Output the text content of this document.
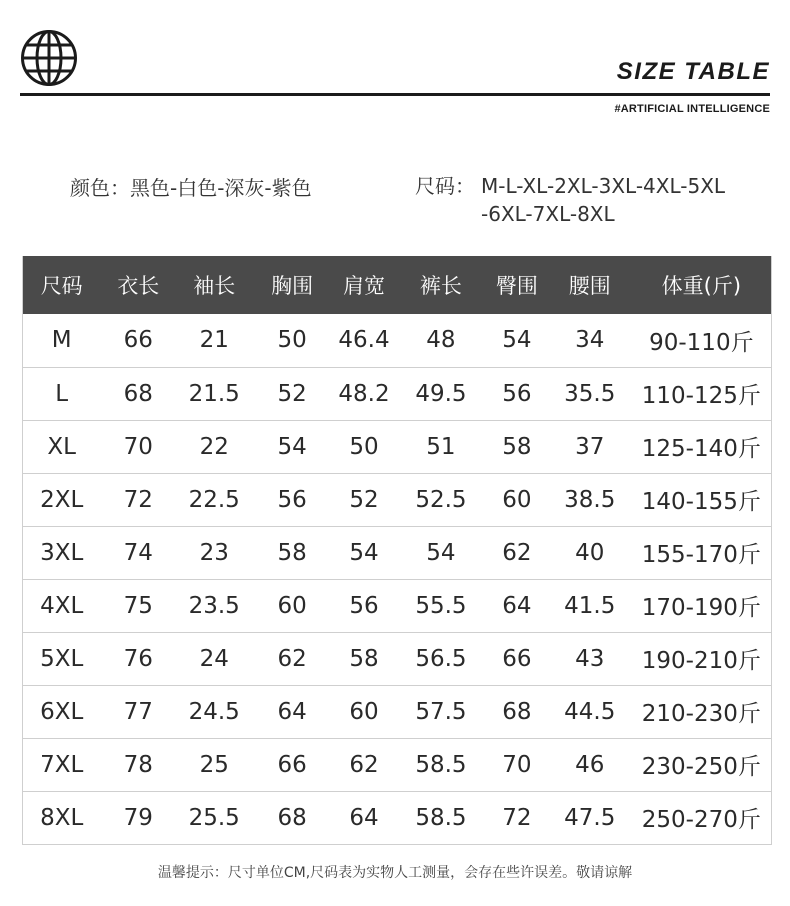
SIZE TABLE
#ARTIFICIAL INTELLIGENCE
颜色：黑色-白色-深灰-紫色	尺码： M-L-XL-2XL-3XL-4XL-5XL
-6XL-7XL-8XL
尺码	衣长	袖长	胸围	肩宽	裤长	臀围	腰围	体重(斤)
M	66	21	50	46.4	48	54	34	90-110斤
L	68	21.5	52	48.2	49.5	56	35.5	110-125斤
XL	70	22	54	50	51	58	37	125-140斤
2XL	72	22.5	56	52	52.5	60	38.5	140-155斤
3XL	74	23	58	54	54	62	40	155-170斤
4XL	75	23.5	60	56	55.5	64	41.5	170-190斤
5XL	76	24	62	58	56.5	66	43	190-210斤
6XL	77	24.5	64	60	57.5	68	44.5	210-230斤
7XL	78	25	66	62	58.5	70	46	230-250斤
8XL	79	25.5	68	64	58.5	72	47.5	250-270斤
温馨提示：尺寸单位CM,尺码表为实物人工测量，会存在些许误差。敬请谅解
